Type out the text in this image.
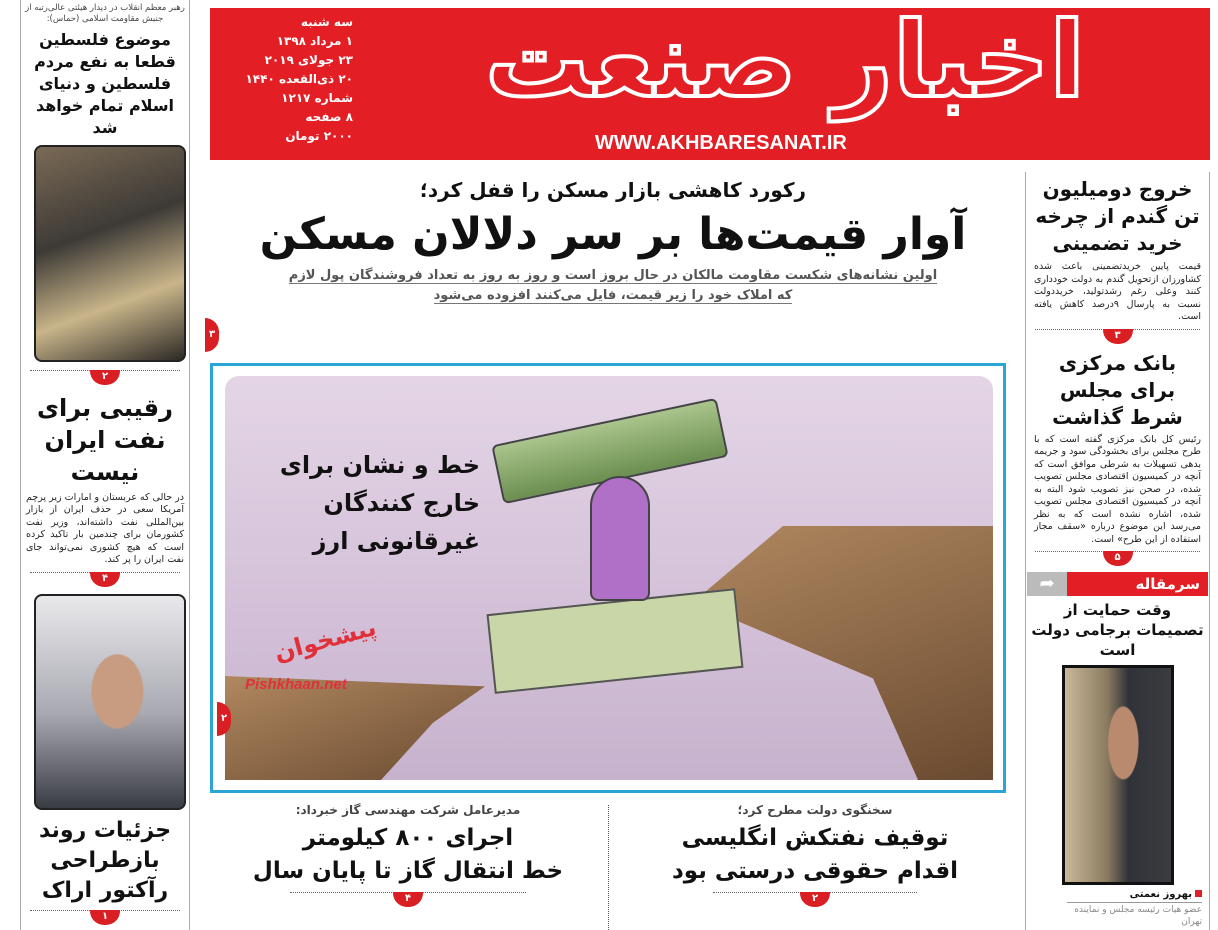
سه شنبه
۱ مرداد ۱۳۹۸
۲۳ جولای ۲۰۱۹
۲۰ ذی‌القعده ۱۴۴۰
شماره ۱۲۱۷
۸ صفحه
۲۰۰۰ تومان
اخبار صنعت
WWW.AKHBARESANAT.IR
رهبر معظم انقلاب در دیدار هیئتی عالی‌رتبه از جنبش مقاومت اسلامی (حماس):
موضوع فلسطین قطعا به نفع مردم فلسطین و دنیای اسلام تمام خواهد شد
۲
رقیبی برای نفت ایران نیست
در حالی که عربستان و امارات زیر پرچم آمریکا سعی در حذف ایران از بازار بین‌المللی نفت داشته‌اند، وزیر نفت کشورمان برای چندمین بار تاکید کرده است که هیچ کشوری نمی‌تواند جای نفت ایران را پر کند.
۴
جزئیات روند بازطراحی رآکتور اراک
۱
رکورد کاهشی بازار مسکن را قفل کرد؛
آوار قیمت‌ها بر سر دلالان مسکن
اولین نشانه‌های شکست مقاومت مالکان در حال بروز است و روز به روز به تعداد فروشندگان پول لازم
که املاک خود را زیر قیمت، فایل می‌کنند افزوده می‌شود
۳
خط و نشان برای خارج کنندگان غیرقانونی ارز
پیشخوان
Pishkhaan.net
۲
مدیرعامل شرکت مهندسی گاز خبرداد:
اجرای ۸۰۰ کیلومتر
خط انتقال گاز تا پایان سال
۴
سخنگوی دولت مطرح کرد؛
توقیف نفتکش انگلیسی
اقدام حقوقی درستی بود
۲
خروج دومیلیون تن گندم از چرخه خرید تضمینی
قیمت پایین خریدتضمینی باعث شده کشاورزان ازتحویل گندم به دولت خودداری کنند وعلی رغم رشدتولید، خریددولت نسبت به پارسال ۹درصد کاهش یافته است.
۳
بانک مرکزی برای مجلس شرط گذاشت
رئیس کل بانک مرکزی گفته است که با طرح مجلس برای بخشودگی سود و جریمه بدهی تسهیلات به شرطی موافق است که آنچه در کمیسیون اقتصادی مجلس تصویب شده، در صحن نیز تصویب شود البته به آنچه در کمیسیون اقتصادی مجلس تصویب شده، اشاره نشده است که به نظر می‌رسد این موضوع درباره «سقف مجاز استفاده از این طرح» است.
۵
➦	سرمقاله
وقت حمایت از تصمیمات برجامی دولت است
بهروز نعمتی
عضو هیات رئیسه مجلس و نماینده تهران
